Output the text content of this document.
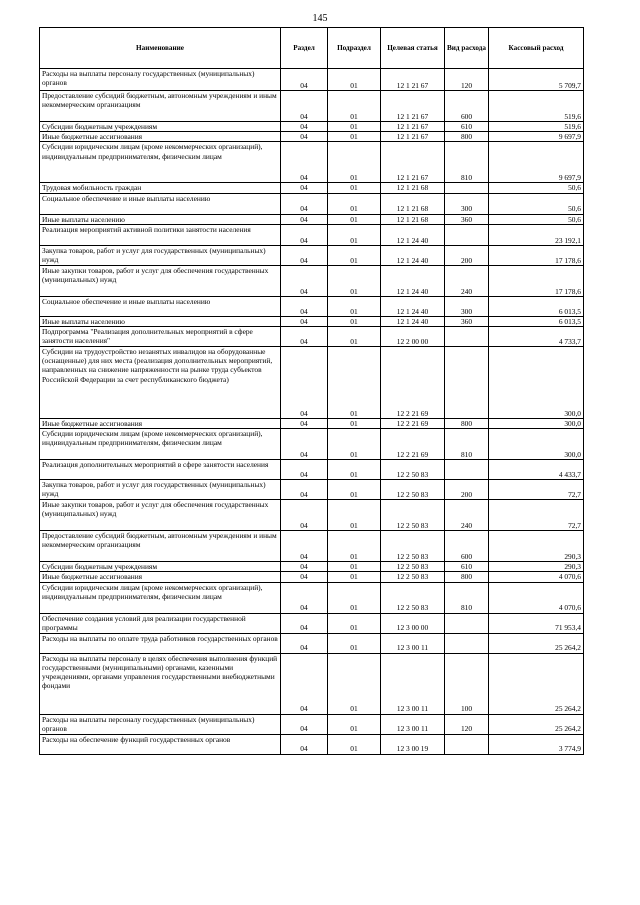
145
Наименование	Раздел	Подраздел	Целевая статья	Вид расхода	Кассовый расход
Расходы на выплаты персоналу государственных (муниципальных) органов	04	01	12 1 21 67	120	5 709,7
Предоставление субсидий бюджетным, автономным учреждениям и иным некоммерческим организациям	04	01	12 1 21 67	600	519,6
Субсидии бюджетным учреждениям	04	01	12 1 21 67	610	519,6
Иные бюджетные ассигнования	04	01	12 1 21 67	800	9 697,9
Субсидии юридическим лицам (кроме некоммерческих организаций), индивидуальным предпринимателям, физическим лицам	04	01	12 1 21 67	810	9 697,9
Трудовая мобильность граждан	04	01	12 1 21 68		50,6
Социальное обеспечение и иные выплаты населению	04	01	12 1 21 68	300	50,6
Иные выплаты населению	04	01	12 1 21 68	360	50,6
Реализация мероприятий активной политики занятости населения	04	01	12 1 24 40		23 192,1
Закупка товаров, работ и услуг для государственных (муниципальных) нужд	04	01	12 1 24 40	200	17 178,6
Иные закупки товаров, работ и услуг для обеспечения государственных (муниципальных) нужд	04	01	12 1 24 40	240	17 178,6
Социальное обеспечение и иные выплаты населению	04	01	12 1 24 40	300	6 013,5
Иные выплаты населению	04	01	12 1 24 40	360	6 013,5
Подпрограмма "Реализация дополнительных мероприятий в сфере занятости населения"	04	01	12 2 00 00		4 733,7
Субсидии на трудоустройство незанятых инвалидов на оборудованные (оснащенные) для них места (реализация дополнительных мероприятий, направленных на снижение напряженности на рынке труда субъектов Российской Федерации за счет республиканского бюджета)	04	01	12 2 21 69		300,0
Иные бюджетные ассигнования	04	01	12 2 21 69	800	300,0
Субсидии юридическим лицам (кроме некоммерческих организаций), индивидуальным предпринимателям, физическим лицам	04	01	12 2 21 69	810	300,0
Реализация дополнительных мероприятий в сфере занятости населения	04	01	12 2 50 83		4 433,7
Закупка товаров, работ и услуг для государственных (муниципальных) нужд	04	01	12 2 50 83	200	72,7
Иные закупки товаров, работ и услуг для обеспечения государственных (муниципальных) нужд	04	01	12 2 50 83	240	72,7
Предоставление субсидий бюджетным, автономным учреждениям и иным некоммерческим организациям	04	01	12 2 50 83	600	290,3
Субсидии бюджетным учреждениям	04	01	12 2 50 83	610	290,3
Иные бюджетные ассигнования	04	01	12 2 50 83	800	4 070,6
Субсидии юридическим лицам (кроме некоммерческих организаций), индивидуальным предпринимателям, физическим лицам	04	01	12 2 50 83	810	4 070,6
Обеспечение создания условий для реализации государственной программы	04	01	12 3 00 00		71 953,4
Расходы на выплаты по оплате труда работников государственных органов	04	01	12 3 00 11		25 264,2
Расходы на выплаты персоналу в целях обеспечения выполнения функций государственными (муниципальными) органами, казенными учреждениями, органами управления государственными внебюджетными фондами	04	01	12 3 00 11	100	25 264,2
Расходы на выплаты персоналу государственных (муниципальных) органов	04	01	12 3 00 11	120	25 264,2
Расходы на обеспечение функций государственных органов	04	01	12 3 00 19		3 774,9
